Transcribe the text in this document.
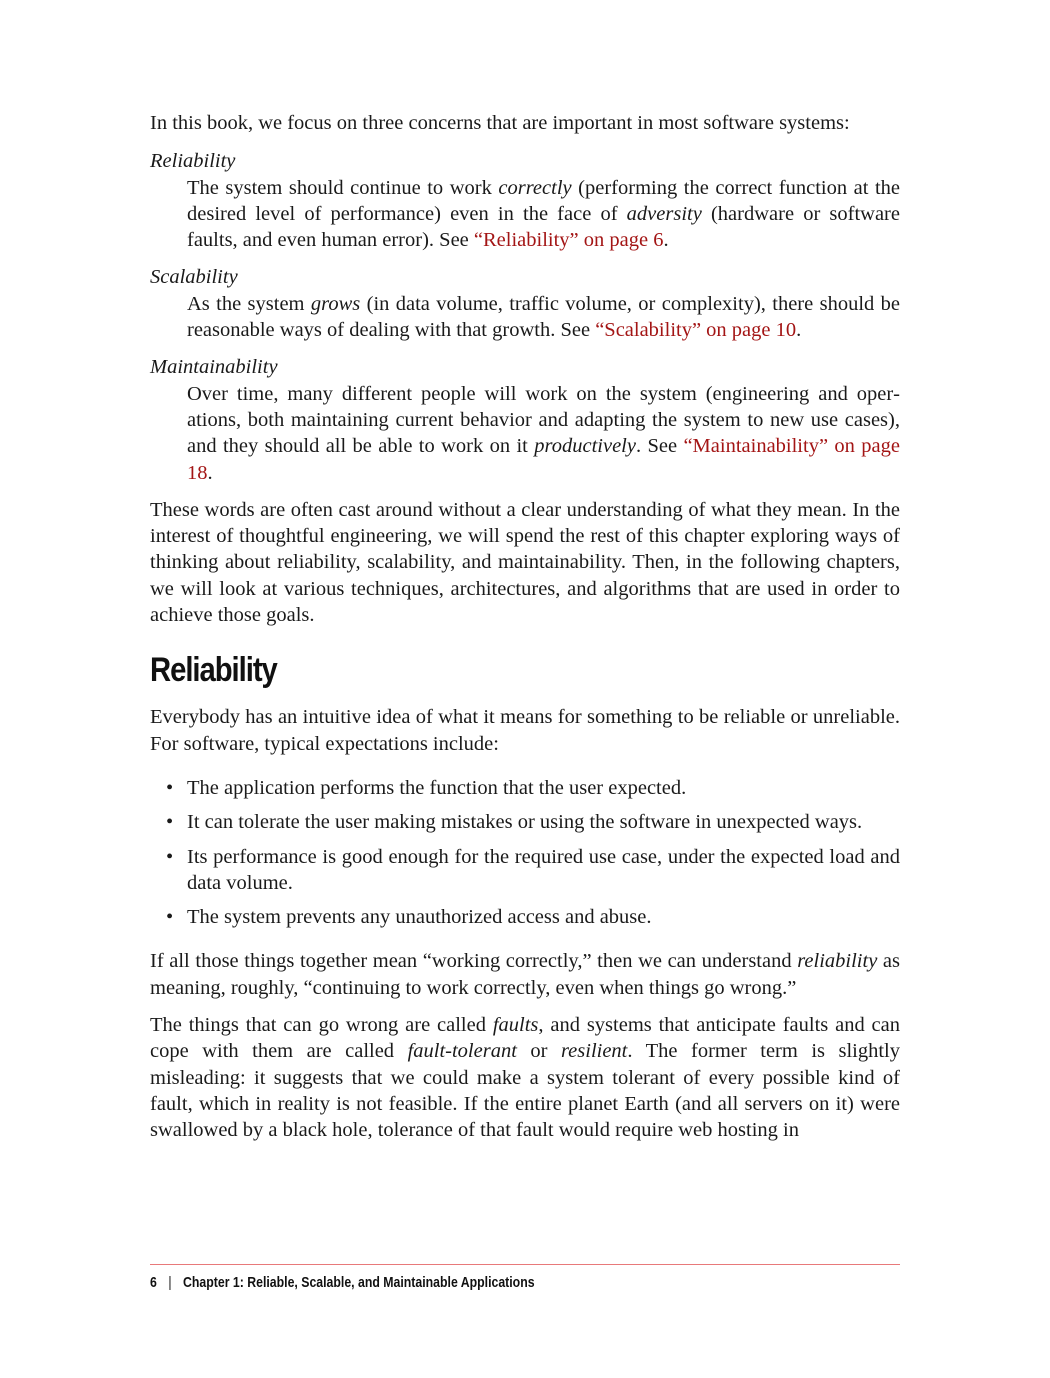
In this book, we focus on three concerns that are important in most software systems:

Reliability
The system should continue to work correctly (performing the correct function at the desired level of performance) even in the face of adversity (hardware or software faults, and even human error). See “Reliability” on page 6.
Scalability
As the system grows (in data volume, traffic volume, or complexity), there should be reasonable ways of dealing with that growth. See “Scalability” on page 10.
Maintainability
Over time, many different people will work on the system (engineering and operations, both maintaining current behavior and adapting the system to new use cases), and they should all be able to work on it productively. See “Maintainability” on page 18.

These words are often cast around without a clear understanding of what they mean. In the interest of thoughtful engineering, we will spend the rest of this chapter exploring ways of thinking about reliability, scalability, and maintainability. Then, in the following chapters, we will look at various techniques, architectures, and algorithms that are used in order to achieve those goals.

Reliability

Everybody has an intuitive idea of what it means for something to be reliable or unreliable. For software, typical expectations include:

• The application performs the function that the user expected.
• It can tolerate the user making mistakes or using the software in unexpected ways.
• Its performance is good enough for the required use case, under the expected load and data volume.
• The system prevents any unauthorized access and abuse.

If all those things together mean “working correctly,” then we can understand reliability as meaning, roughly, “continuing to work correctly, even when things go wrong.”

The things that can go wrong are called faults, and systems that anticipate faults and can cope with them are called fault-tolerant or resilient. The former term is slightly misleading: it suggests that we could make a system tolerant of every possible kind of fault, which in reality is not feasible. If the entire planet Earth (and all servers on it) were swallowed by a black hole, tolerance of that fault would require web hosting in

6 | Chapter 1: Reliable, Scalable, and Maintainable Applications
